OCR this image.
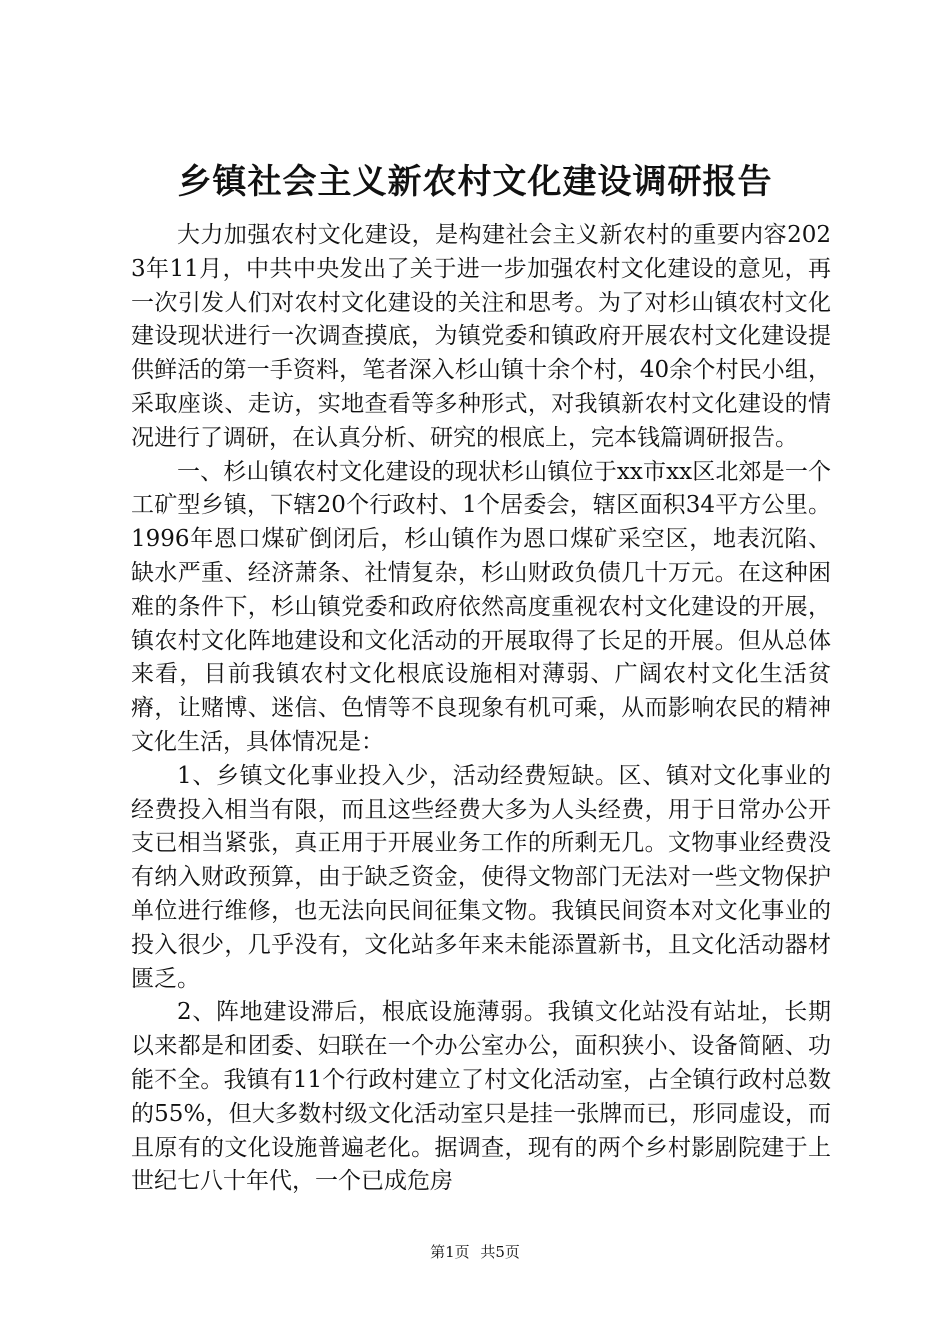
乡镇社会主义新农村文化建设调研报告

大力加强农村文化建设，是构建社会主义新农村的重要内容2023年11月，中共中央发出了关于进一步加强农村文化建设的意见，再一次引发人们对农村文化建设的关注和思考。为了对杉山镇农村文化建设现状进行一次调查摸底，为镇党委和镇政府开展农村文化建设提供鲜活的第一手资料，笔者深入杉山镇十余个村，40余个村民小组，采取座谈、走访，实地查看等多种形式，对我镇新农村文化建设的情况进行了调研，在认真分析、研究的根底上，完本钱篇调研报告。

一、杉山镇农村文化建设的现状杉山镇位于xx市xx区北郊是一个工矿型乡镇，下辖20个行政村、1个居委会，辖区面积34平方公里。1996年恩口煤矿倒闭后，杉山镇作为恩口煤矿采空区，地表沉陷、缺水严重、经济萧条、社情复杂，杉山财政负债几十万元。在这种困难的条件下，杉山镇党委和政府依然高度重视农村文化建设的开展，镇农村文化阵地建设和文化活动的开展取得了长足的开展。但从总体来看，目前我镇农村文化根底设施相对薄弱、广阔农村文化生活贫瘠，让赌博、迷信、色情等不良现象有机可乘，从而影响农民的精神文化生活，具体情况是：

1、乡镇文化事业投入少，活动经费短缺。区、镇对文化事业的经费投入相当有限，而且这些经费大多为人头经费，用于日常办公开支已相当紧张，真正用于开展业务工作的所剩无几。文物事业经费没有纳入财政预算，由于缺乏资金，使得文物部门无法对一些文物保护单位进行维修，也无法向民间征集文物。我镇民间资本对文化事业的投入很少，几乎没有，文化站多年来未能添置新书，且文化活动器材匮乏。

2、阵地建设滞后，根底设施薄弱。我镇文化站没有站址，长期以来都是和团委、妇联在一个办公室办公，面积狭小、设备简陋、功能不全。我镇有11个行政村建立了村文化活动室，占全镇行政村总数的55%，但大多数村级文化活动室只是挂一张牌而已，形同虚设，而且原有的文化设施普遍老化。据调查，现有的两个乡村影剧院建于上世纪七八十年代，一个已成危房

第1页 共5页
